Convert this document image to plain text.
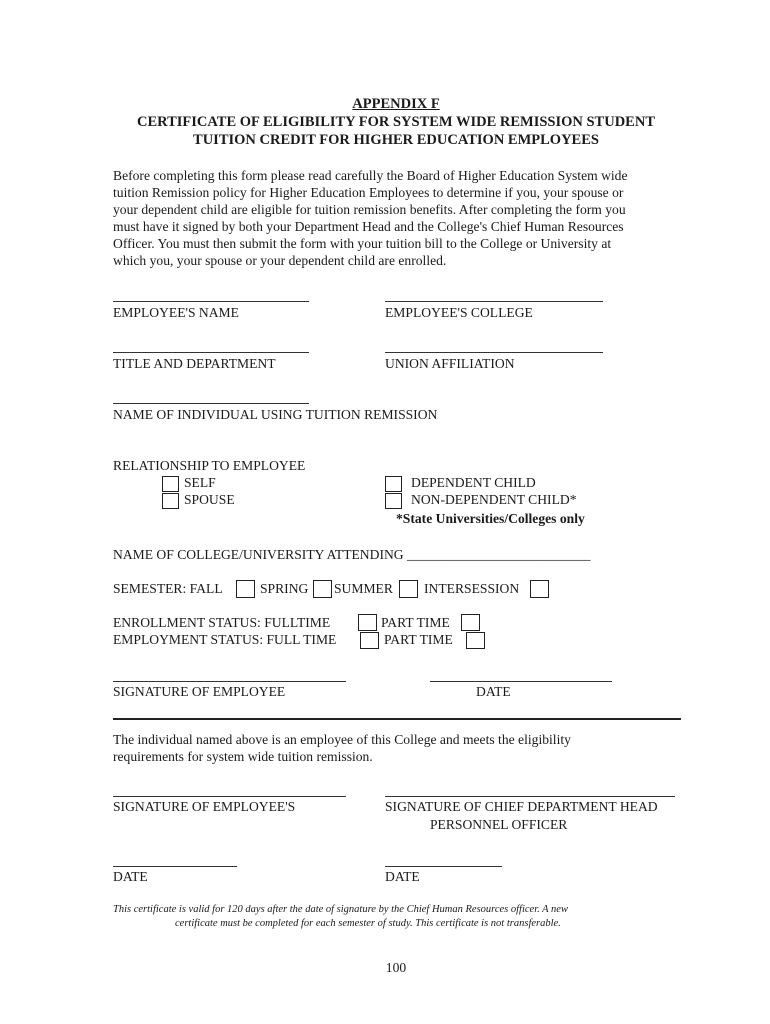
APPENDIX F
CERTIFICATE OF ELIGIBILITY FOR SYSTEM WIDE REMISSION STUDENT
TUITION CREDIT FOR HIGHER EDUCATION EMPLOYEES
Before completing this form please read carefully the Board of Higher Education System wide
tuition Remission policy for Higher Education Employees to determine if you, your spouse or
your dependent child are eligible for tuition remission benefits. After completing the form you
must have it signed by both your Department Head and the College's Chief Human Resources
Officer. You must then submit the form with your tuition bill to the College or University at
which you, your spouse or your dependent child are enrolled.
EMPLOYEE'S NAME	EMPLOYEE'S COLLEGE
TITLE AND DEPARTMENT	UNION AFFILIATION
NAME OF INDIVIDUAL USING TUITION REMISSION
RELATIONSHIP TO EMPLOYEE
SELF
SPOUSE
DEPENDENT CHILD
NON-DEPENDENT CHILD*
*State Universities/Colleges only
NAME OF COLLEGE/UNIVERSITY ATTENDING ___________________________
SEMESTER: FALL	SPRING SUMMER INTERSESSION
ENROLLMENT STATUS: FULLTIME	PART TIME
EMPLOYMENT STATUS: FULL TIME	PART TIME
SIGNATURE OF EMPLOYEE	DATE
The individual named above is an employee of this College and meets the eligibility
requirements for system wide tuition remission.
SIGNATURE OF EMPLOYEE'S	SIGNATURE OF CHIEF DEPARTMENT HEAD
PERSONNEL OFFICER
DATE	DATE
This certificate is valid for 120 days after the date of signature by the Chief Human Resources officer. A new
certificate must be completed for each semester of study. This certificate is not transferable.
100
